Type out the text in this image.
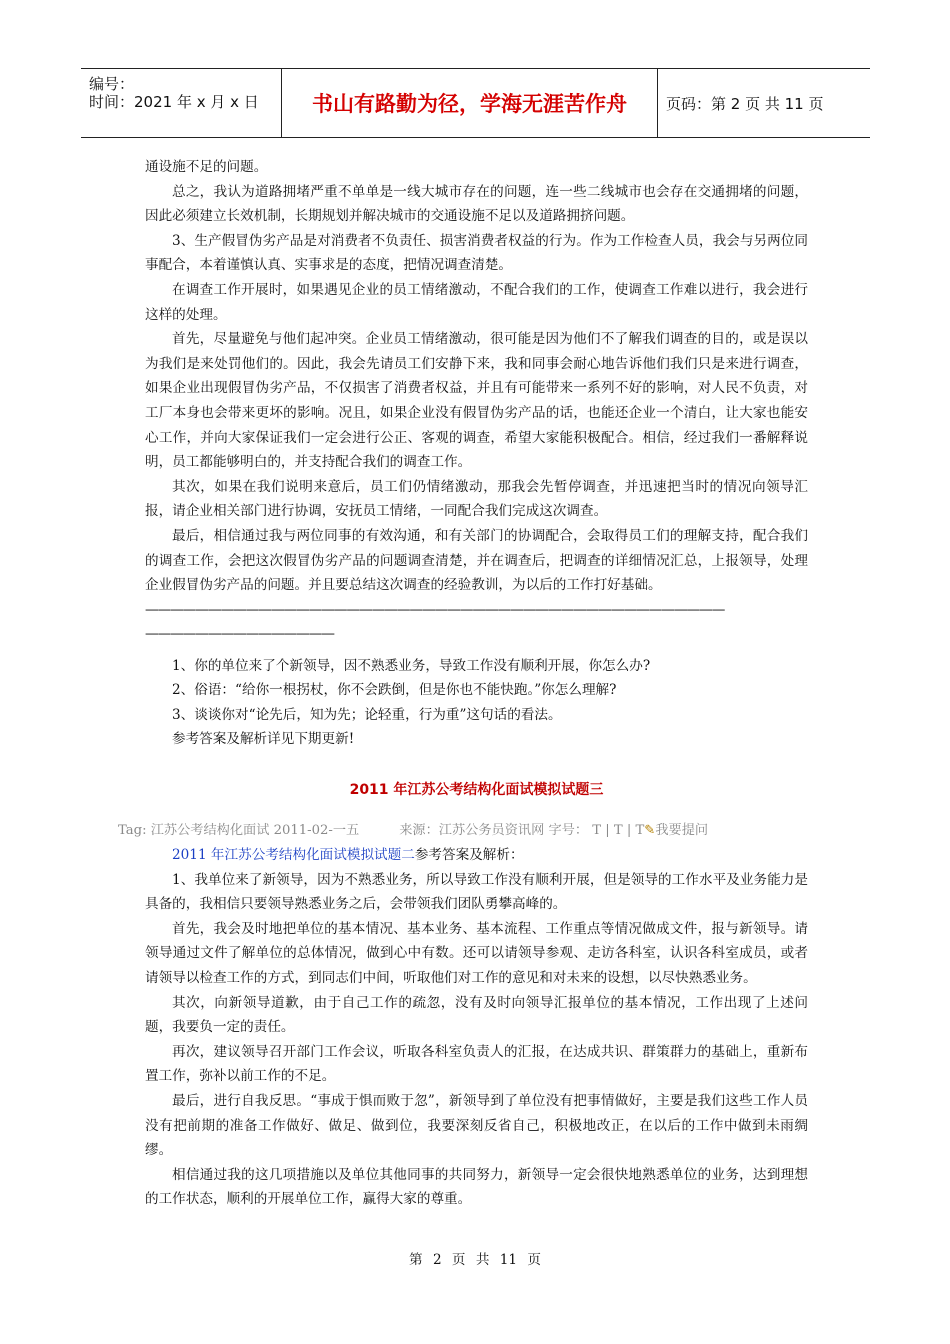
编号：
时间：2021 年 x 月 x 日	书山有路勤为径，学海无涯苦作舟	页码：第 2 页 共 11 页

通设施不足的问题。

总之，我认为道路拥堵严重不单单是一线大城市存在的问题，连一些二线城市也会存在交通拥堵的问题，因此必须建立长效机制，长期规划并解决城市的交通设施不足以及道路拥挤问题。

3、生产假冒伪劣产品是对消费者不负责任、损害消费者权益的行为。作为工作检查人员，我会与另两位同事配合，本着谨慎认真、实事求是的态度，把情况调查清楚。

在调查工作开展时，如果遇见企业的员工情绪激动，不配合我们的工作，使调查工作难以进行，我会进行这样的处理。

首先，尽量避免与他们起冲突。企业员工情绪激动，很可能是因为他们不了解我们调查的目的，或是误以为我们是来处罚他们的。因此，我会先请员工们安静下来，我和同事会耐心地告诉他们我们只是来进行调查，如果企业出现假冒伪劣产品，不仅损害了消费者权益，并且有可能带来一系列不好的影响，对人民不负责，对工厂本身也会带来更坏的影响。况且，如果企业没有假冒伪劣产品的话，也能还企业一个清白，让大家也能安心工作，并向大家保证我们一定会进行公正、客观的调查，希望大家能积极配合。相信，经过我们一番解释说明，员工都能够明白的，并支持配合我们的调查工作。

其次，如果在我们说明来意后，员工们仍情绪激动，那我会先暂停调查，并迅速把当时的情况向领导汇报，请企业相关部门进行协调，安抚员工情绪，一同配合我们完成这次调查。

最后，相信通过我与两位同事的有效沟通，和有关部门的协调配合，会取得员工们的理解支持，配合我们的调查工作，会把这次假冒伪劣产品的问题调查清楚，并在调查后，把调查的详细情况汇总，上报领导，处理企业假冒伪劣产品的问题。并且要总结这次调查的经验教训，为以后的工作打好基础。

——————————————————————————————————————————————

———————————————

1、你的单位来了个新领导，因不熟悉业务，导致工作没有顺利开展，你怎么办?

2、俗语：“给你一根拐杖，你不会跌倒，但是你也不能快跑。”你怎么理解?

3、谈谈你对“论先后，知为先；论轻重，行为重”这句话的看法。

参考答案及解析详见下期更新!

2011 年江苏公考结构化面试模拟试题三

Tag: 江苏公考结构化面试 2011-02-一五	来源：江苏公务员资讯网 字号： T | T | T✎我要提问

2011 年江苏公考结构化面试模拟试题二参考答案及解析：

1、我单位来了新领导，因为不熟悉业务，所以导致工作没有顺利开展，但是领导的工作水平及业务能力是具备的，我相信只要领导熟悉业务之后，会带领我们团队勇攀高峰的。

首先，我会及时地把单位的基本情况、基本业务、基本流程、工作重点等情况做成文件，报与新领导。请领导通过文件了解单位的总体情况，做到心中有数。还可以请领导参观、走访各科室，认识各科室成员，或者请领导以检查工作的方式，到同志们中间，听取他们对工作的意见和对未来的设想，以尽快熟悉业务。

其次，向新领导道歉，由于自己工作的疏忽，没有及时向领导汇报单位的基本情况，工作出现了上述问题，我要负一定的责任。

再次，建议领导召开部门工作会议，听取各科室负责人的汇报，在达成共识、群策群力的基础上，重新布置工作，弥补以前工作的不足。

最后，进行自我反思。“事成于惧而败于忽”，新领导到了单位没有把事情做好，主要是我们这些工作人员没有把前期的准备工作做好、做足、做到位，我要深刻反省自己，积极地改正，在以后的工作中做到未雨绸缪。

相信通过我的这几项措施以及单位其他同事的共同努力，新领导一定会很快地熟悉单位的业务，达到理想的工作状态，顺利的开展单位工作，赢得大家的尊重。

第 2 页 共 11 页
